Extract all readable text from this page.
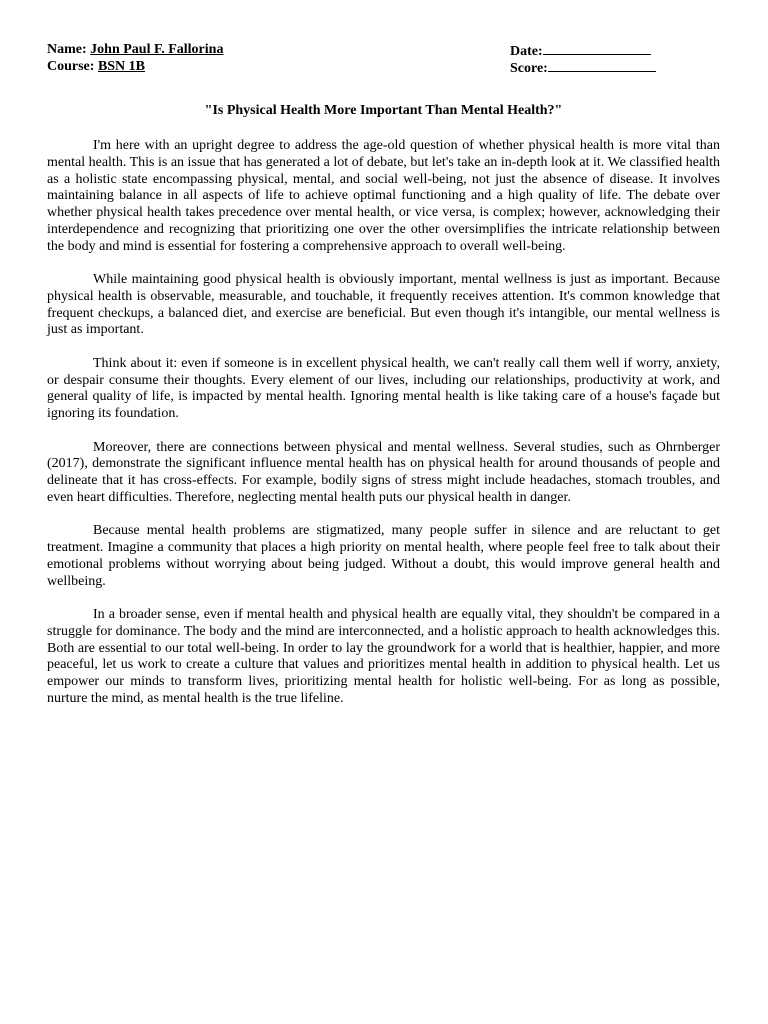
Name: John Paul F. Fallorina	Date:
Course: BSN 1B	Score:
"Is Physical Health More Important Than Mental Health?"

I'm here with an upright degree to address the age-old question of whether physical health is more vital than mental health. This is an issue that has generated a lot of debate, but let's take an in-depth look at it. We classified health as a holistic state encompassing physical, mental, and social well-being, not just the absence of disease. It involves maintaining balance in all aspects of life to achieve optimal functioning and a high quality of life. The debate over whether physical health takes precedence over mental health, or vice versa, is complex; however, acknowledging their interdependence and recognizing that prioritizing one over the other oversimplifies the intricate relationship between the body and mind is essential for fostering a comprehensive approach to overall well-being.

While maintaining good physical health is obviously important, mental wellness is just as important. Because physical health is observable, measurable, and touchable, it frequently receives attention. It's common knowledge that frequent checkups, a balanced diet, and exercise are beneficial. But even though it's intangible, our mental wellness is just as important.

Think about it: even if someone is in excellent physical health, we can't really call them well if worry, anxiety, or despair consume their thoughts. Every element of our lives, including our relationships, productivity at work, and general quality of life, is impacted by mental health. Ignoring mental health is like taking care of a house's façade but ignoring its foundation.

Moreover, there are connections between physical and mental wellness. Several studies, such as Ohrnberger (2017), demonstrate the significant influence mental health has on physical health for around thousands of people and delineate that it has cross-effects. For example, bodily signs of stress might include headaches, stomach troubles, and even heart difficulties. Therefore, neglecting mental health puts our physical health in danger.

Because mental health problems are stigmatized, many people suffer in silence and are reluctant to get treatment. Imagine a community that places a high priority on mental health, where people feel free to talk about their emotional problems without worrying about being judged. Without a doubt, this would improve general health and wellbeing.

In a broader sense, even if mental health and physical health are equally vital, they shouldn't be compared in a struggle for dominance. The body and the mind are interconnected, and a holistic approach to health acknowledges this. Both are essential to our total well-being. In order to lay the groundwork for a world that is healthier, happier, and more peaceful, let us work to create a culture that values and prioritizes mental health in addition to physical health. Let us empower our minds to transform lives, prioritizing mental health for holistic well-being. For as long as possible, nurture the mind, as mental health is the true lifeline.
